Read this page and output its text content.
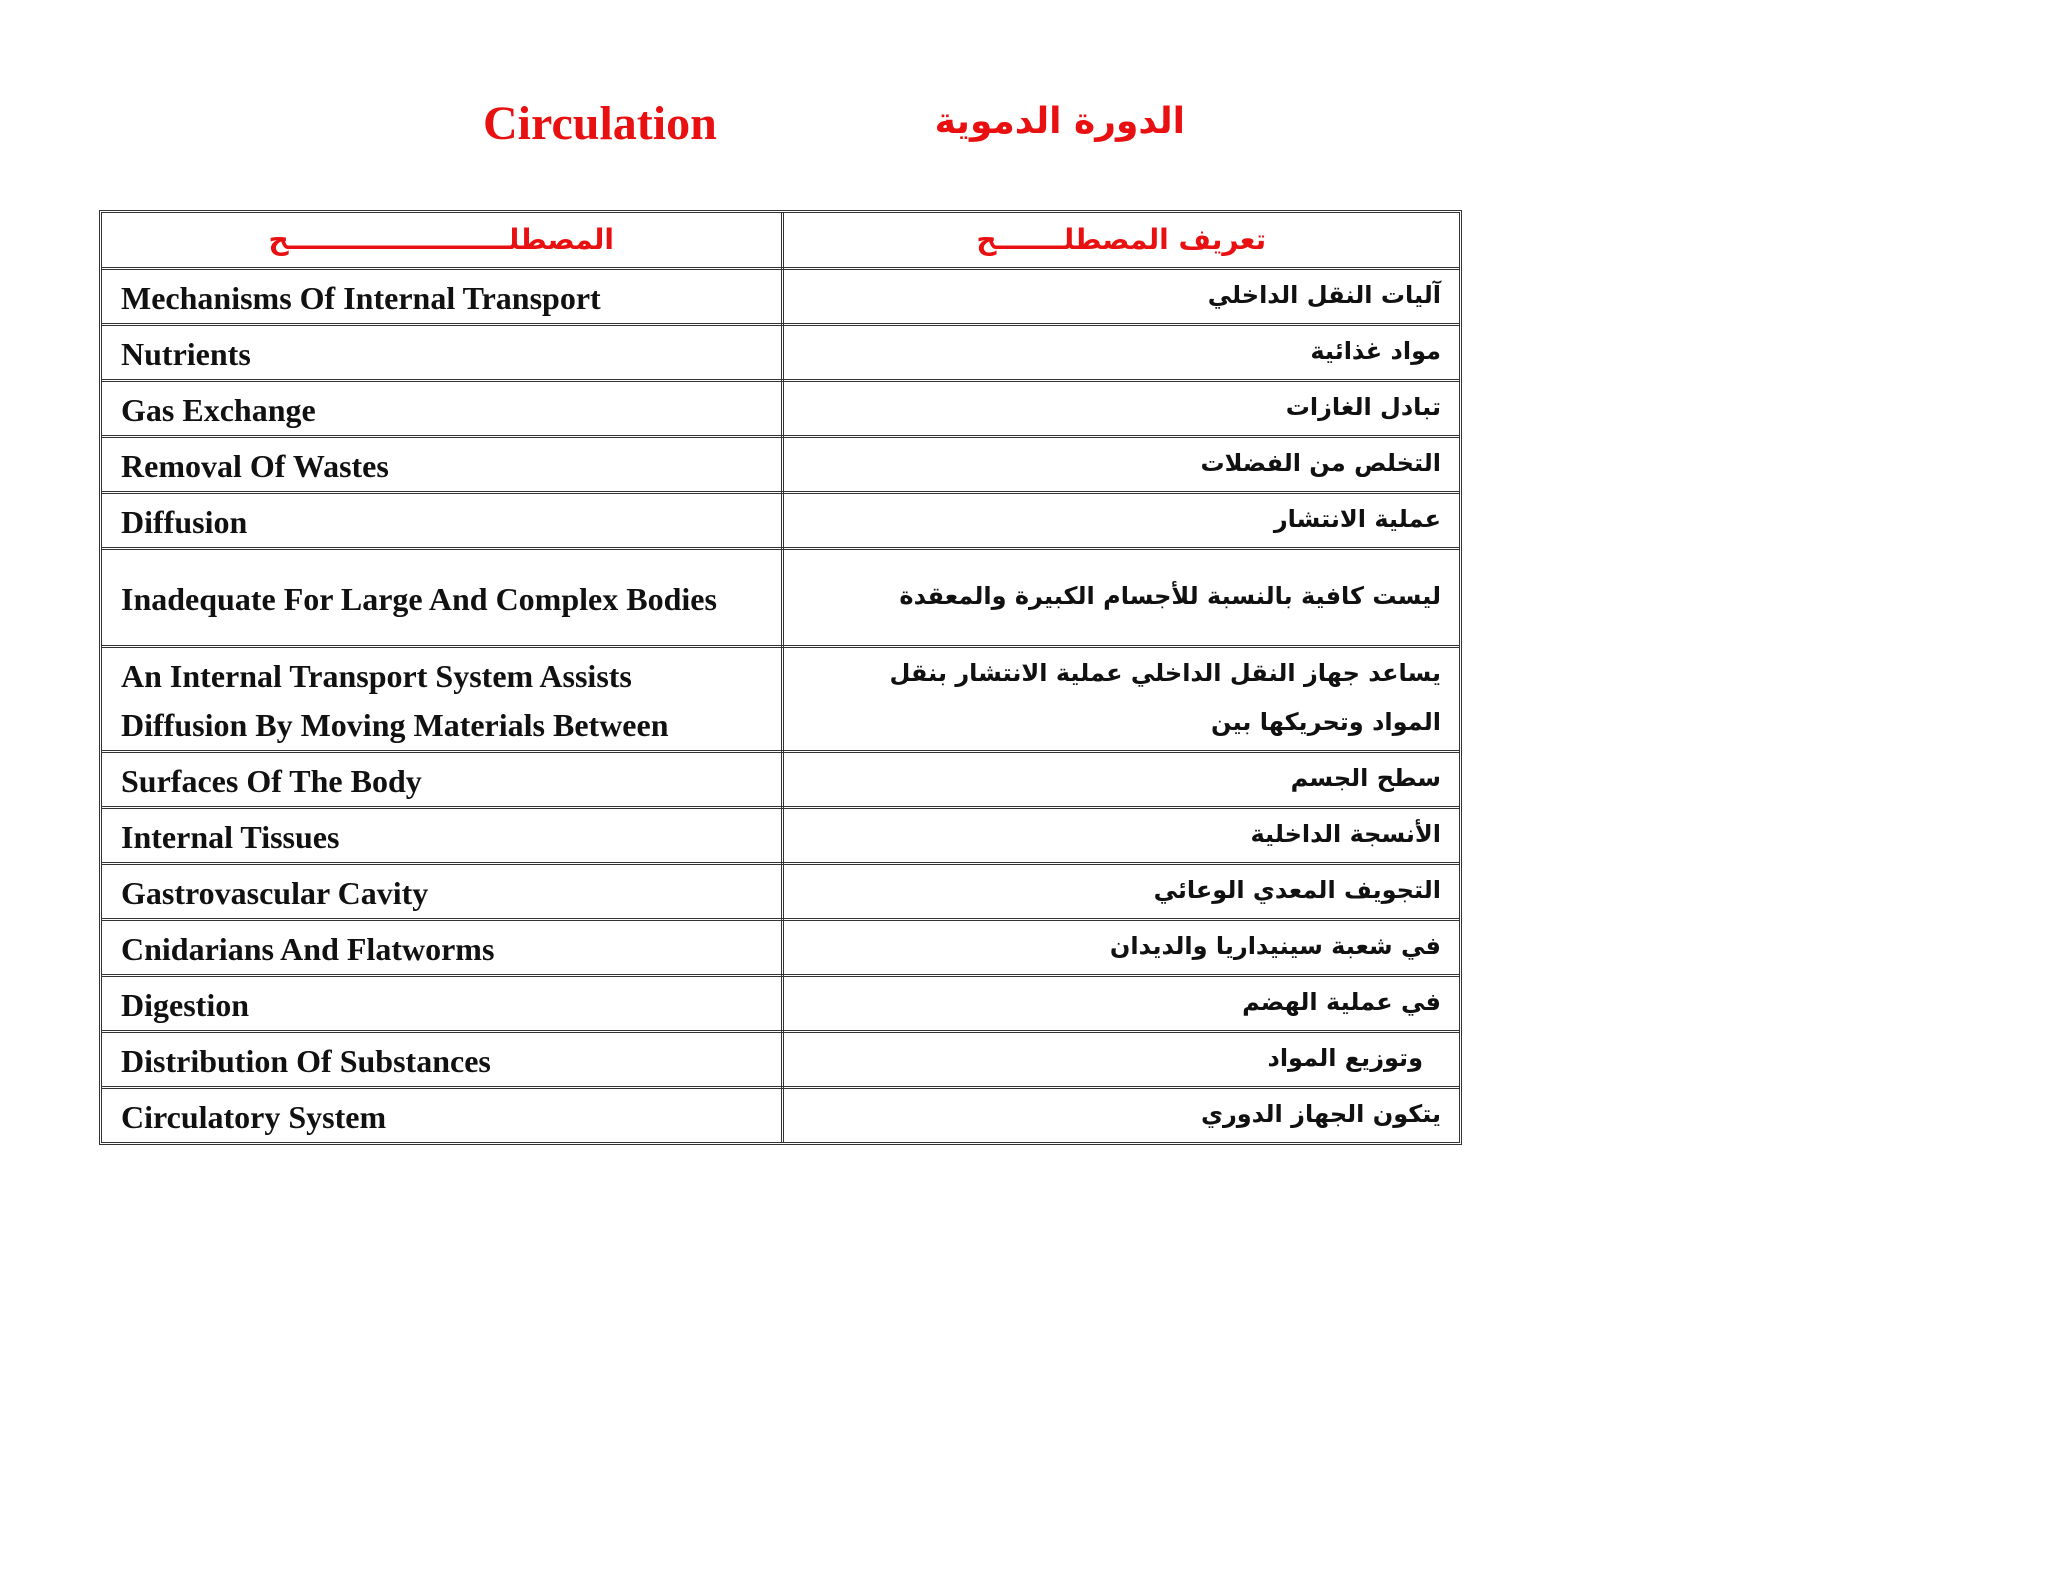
Circulation	الدورة الدموية
المصطلـــــــــــــــــــــــح	تعريف المصطلـــــــح

Mechanisms Of Internal Transport	آليات النقل الداخلي

Nutrients	مواد غذائية

Gas Exchange	تبادل الغازات

Removal Of Wastes	التخلص من الفضلات

Diffusion	عملية الانتشار

Inadequate For Large And Complex Bodies	ليست كافية بالنسبة للأجسام الكبيرة والمعقدة

An Internal Transport System Assists Diffusion By Moving Materials Between	يساعد جهاز النقل الداخلي عملية الانتشار بنقل المواد وتحريكها بين

Surfaces Of The Body	سطح الجسم

Internal Tissues	الأنسجة الداخلية

Gastrovascular Cavity	التجويف المعدي الوعائي

Cnidarians And Flatworms	في شعبة سينيداريا والديدان

Digestion	في عملية الهضم

Distribution Of Substances	وتوزيع المواد

Circulatory System	يتكون الجهاز الدوري
